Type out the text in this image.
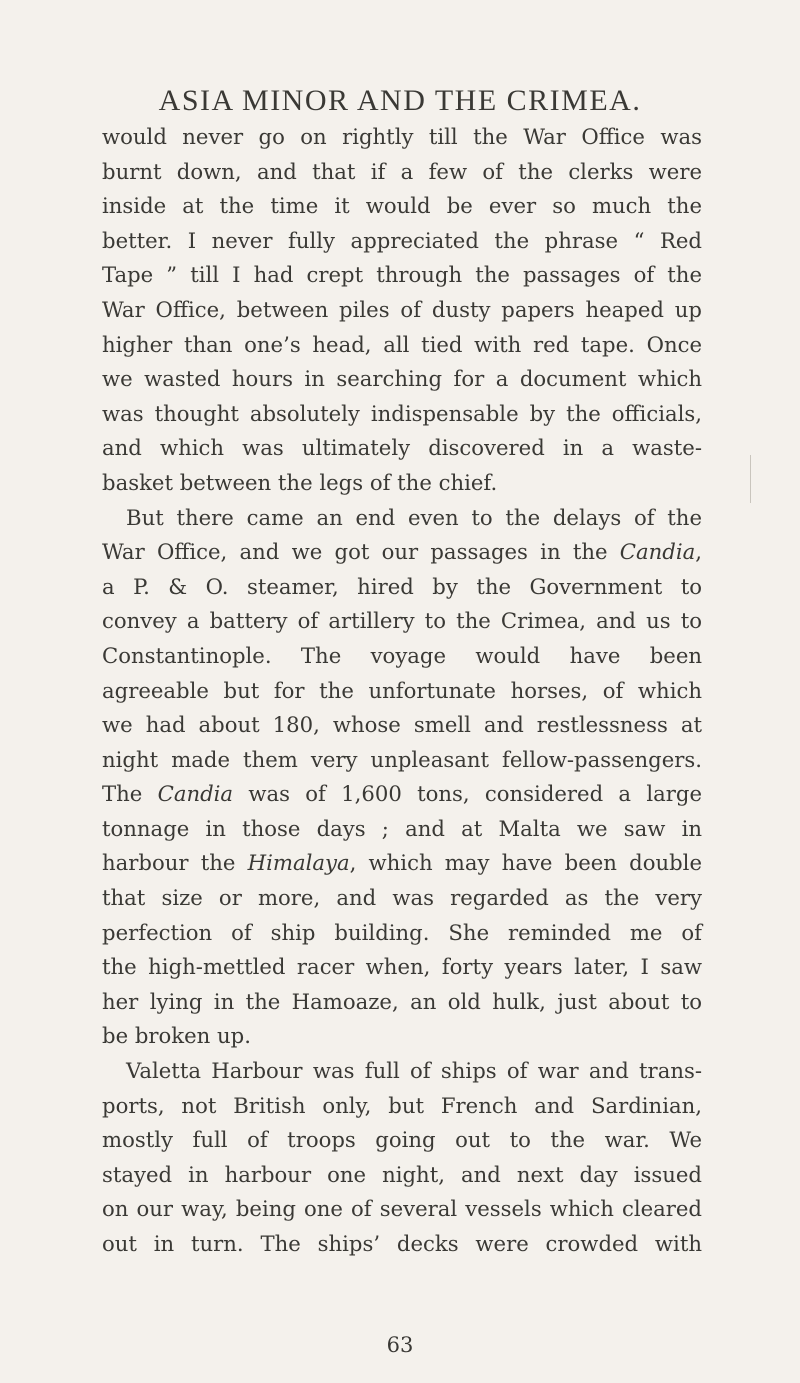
ASIA MINOR AND THE CRIMEA.
would never go on rightly till the War Office was
burnt down, and that if a few of the clerks were
inside at the time it would be ever so much the
better. I never fully appreciated the phrase “ Red
Tape ” till I had crept through the passages of the
War Office, between piles of dusty papers heaped up
higher than one’s head, all tied with red tape. Once
we wasted hours in searching for a document which
was thought absolutely indispensable by the officials,
and which was ultimately discovered in a waste-
basket between the legs of the chief.
But there came an end even to the delays of the
War Office, and we got our passages in the Candia,
a P. & O. steamer, hired by the Government to
convey a battery of artillery to the Crimea, and us to
Constantinople. The voyage would have been
agreeable but for the unfortunate horses, of which
we had about 180, whose smell and restlessness at
night made them very unpleasant fellow-passengers.
The Candia was of 1,600 tons, considered a large
tonnage in those days ; and at Malta we saw in
harbour the Himalaya, which may have been double
that size or more, and was regarded as the very
perfection of ship building. She reminded me of
the high-mettled racer when, forty years later, I saw
her lying in the Hamoaze, an old hulk, just about to
be broken up.
Valetta Harbour was full of ships of war and trans-
ports, not British only, but French and Sardinian,
mostly full of troops going out to the war. We
stayed in harbour one night, and next day issued
on our way, being one of several vessels which cleared
out in turn. The ships’ decks were crowded with
63
